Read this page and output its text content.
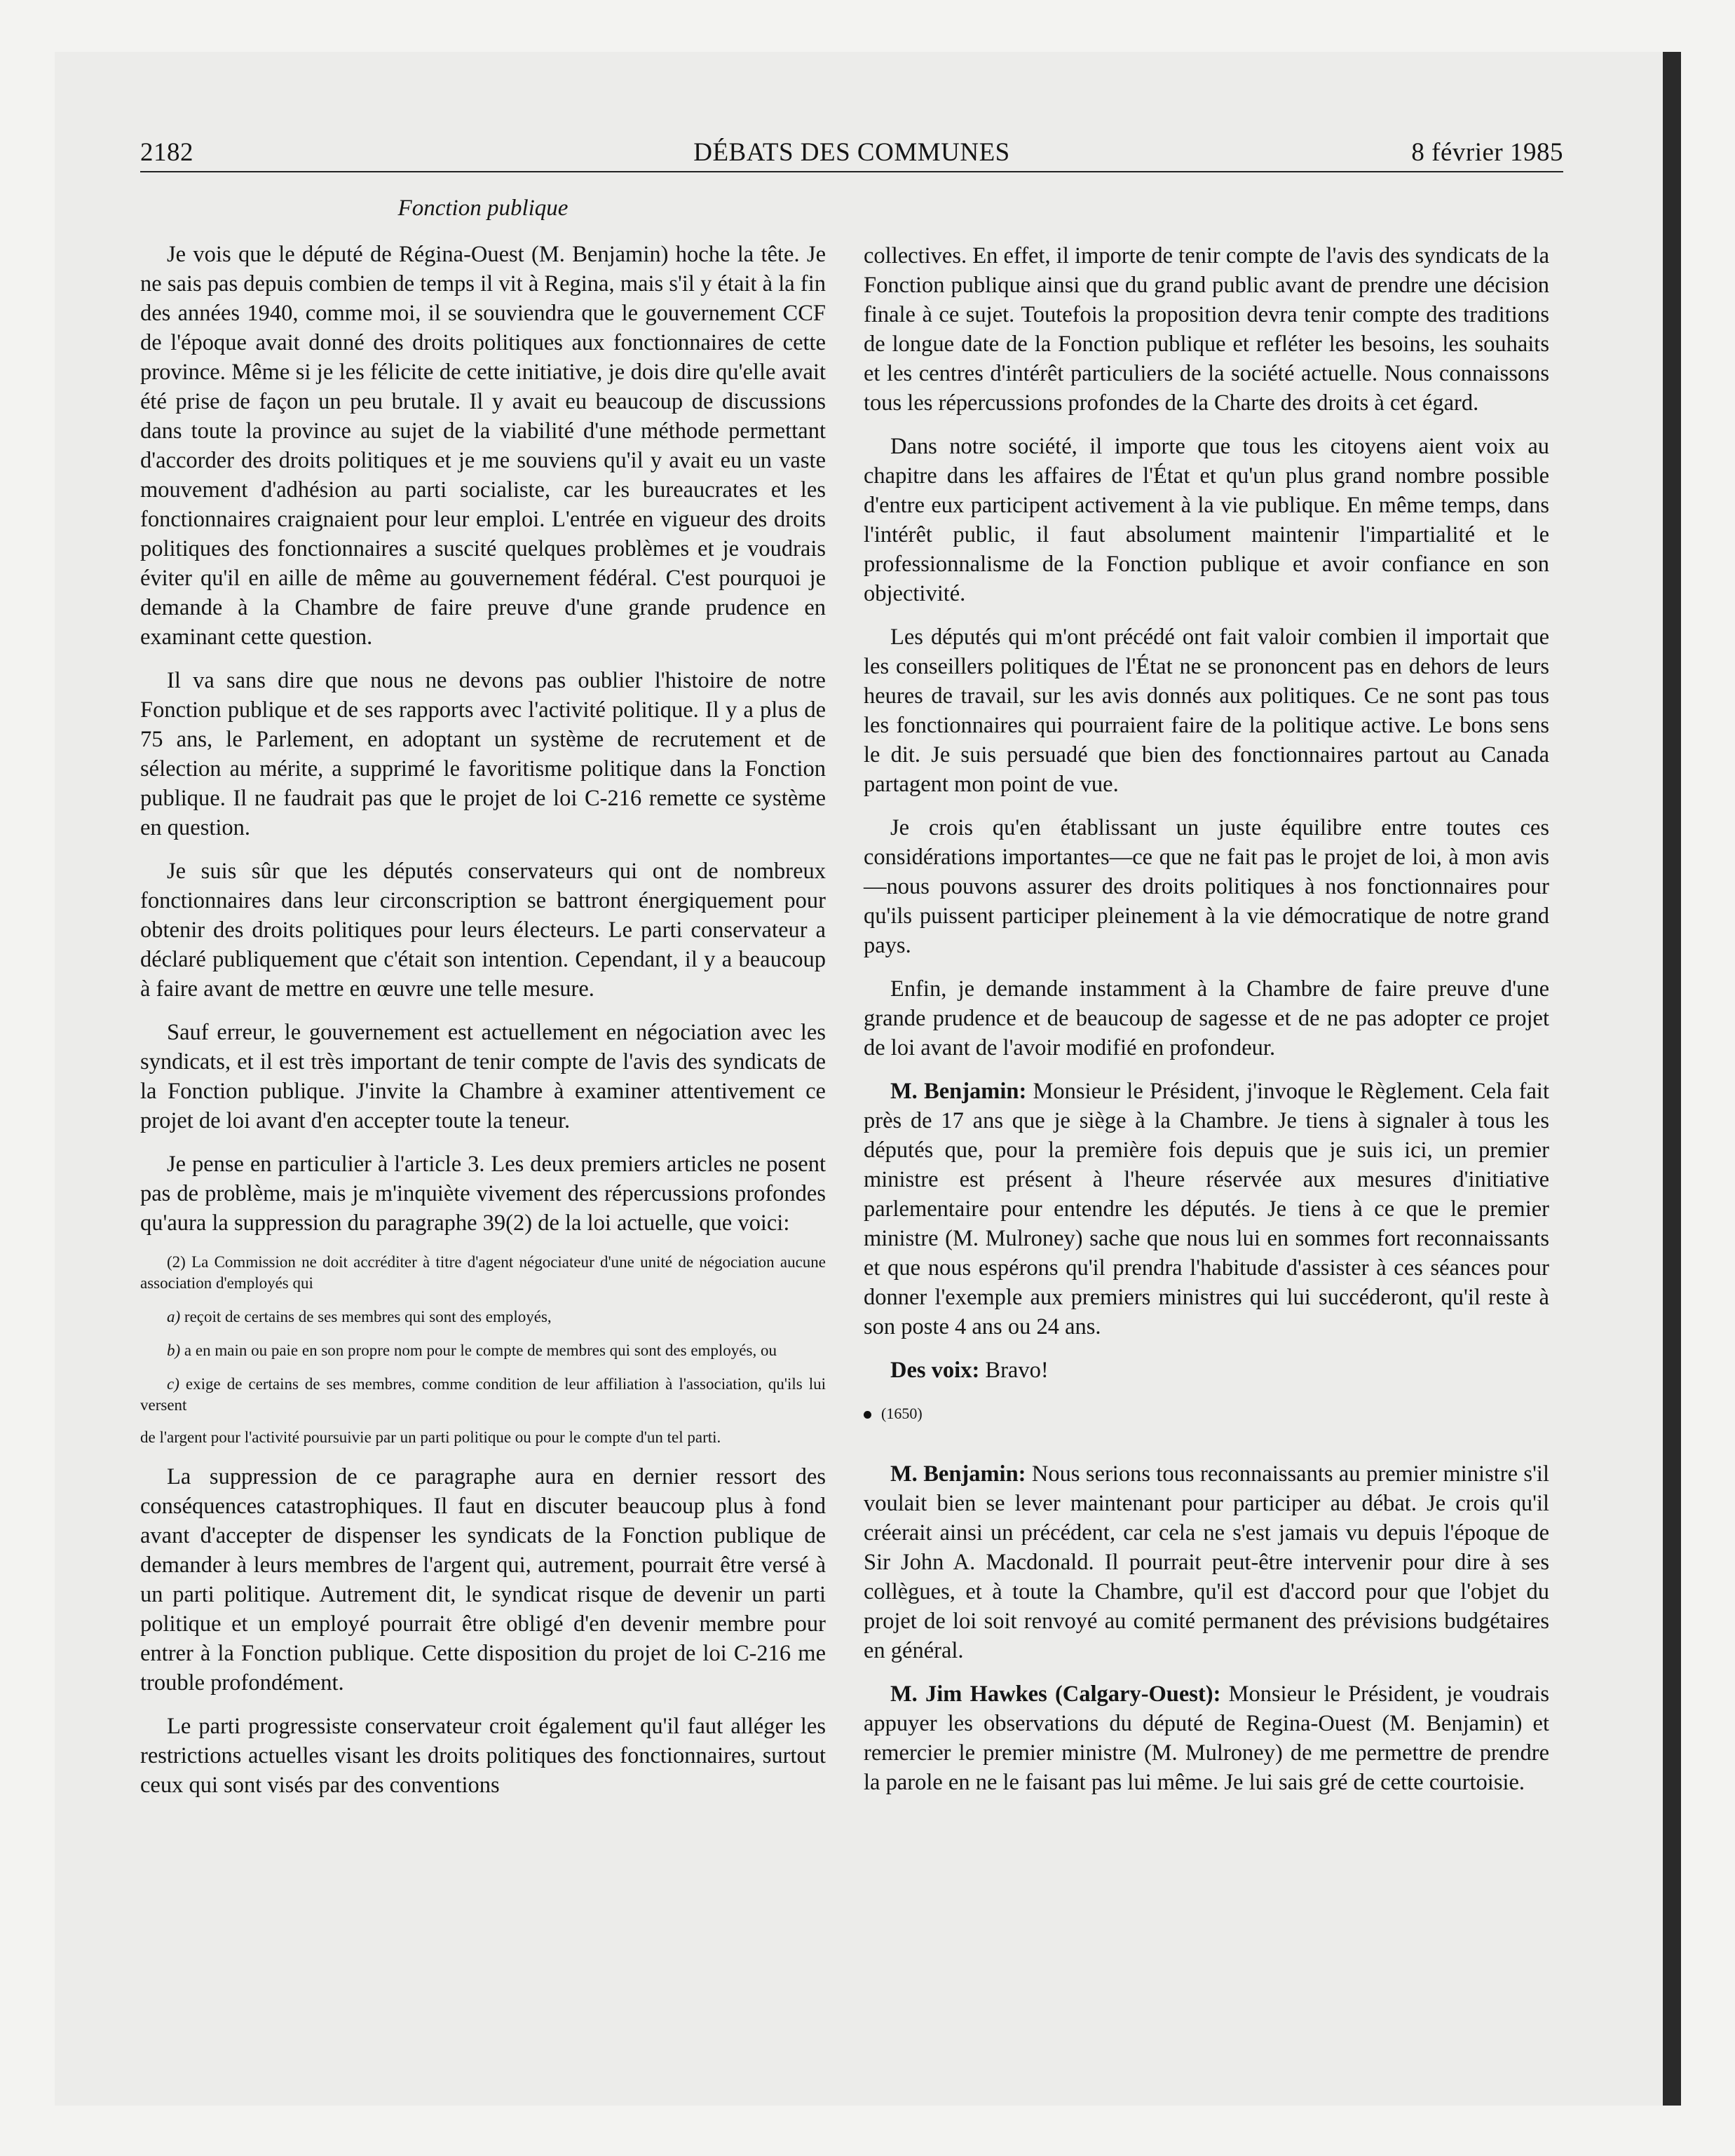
2182	DÉBATS DES COMMUNES	8 février 1985
Fonction publique

Je vois que le député de Régina-Ouest (M. Benjamin) hoche la tête. Je ne sais pas depuis combien de temps il vit à Regina, mais s'il y était à la fin des années 1940, comme moi, il se souviendra que le gouvernement CCF de l'époque avait donné des droits politiques aux fonctionnaires de cette province. Même si je les félicite de cette initiative, je dois dire qu'elle avait été prise de façon un peu brutale. Il y avait eu beaucoup de discussions dans toute la province au sujet de la viabilité d'une méthode permettant d'accorder des droits politiques et je me souviens qu'il y avait eu un vaste mouvement d'adhésion au parti socialiste, car les bureaucrates et les fonctionnaires craignaient pour leur emploi. L'entrée en vigueur des droits politiques des fonctionnaires a suscité quelques problèmes et je voudrais éviter qu'il en aille de même au gouvernement fédéral. C'est pourquoi je demande à la Chambre de faire preuve d'une grande prudence en examinant cette question.

Il va sans dire que nous ne devons pas oublier l'histoire de notre Fonction publique et de ses rapports avec l'activité politique. Il y a plus de 75 ans, le Parlement, en adoptant un système de recrutement et de sélection au mérite, a supprimé le favoritisme politique dans la Fonction publique. Il ne faudrait pas que le projet de loi C-216 remette ce système en question.

Je suis sûr que les députés conservateurs qui ont de nombreux fonctionnaires dans leur circonscription se battront énergiquement pour obtenir des droits politiques pour leurs électeurs. Le parti conservateur a déclaré publiquement que c'était son intention. Cependant, il y a beaucoup à faire avant de mettre en œuvre une telle mesure.

Sauf erreur, le gouvernement est actuellement en négociation avec les syndicats, et il est très important de tenir compte de l'avis des syndicats de la Fonction publique. J'invite la Chambre à examiner attentivement ce projet de loi avant d'en accepter toute la teneur.

Je pense en particulier à l'article 3. Les deux premiers articles ne posent pas de problème, mais je m'inquiète vivement des répercussions profondes qu'aura la suppression du paragraphe 39(2) de la loi actuelle, que voici:

(2) La Commission ne doit accréditer à titre d'agent négociateur d'une unité de négociation aucune association d'employés qui
a) reçoit de certains de ses membres qui sont des employés,
b) a en main ou paie en son propre nom pour le compte de membres qui sont des employés, ou
c) exige de certains de ses membres, comme condition de leur affiliation à l'association, qu'ils lui versent
de l'argent pour l'activité poursuivie par un parti politique ou pour le compte d'un tel parti.

La suppression de ce paragraphe aura en dernier ressort des conséquences catastrophiques. Il faut en discuter beaucoup plus à fond avant d'accepter de dispenser les syndicats de la Fonction publique de demander à leurs membres de l'argent qui, autrement, pourrait être versé à un parti politique. Autrement dit, le syndicat risque de devenir un parti politique et un employé pourrait être obligé d'en devenir membre pour entrer à la Fonction publique. Cette disposition du projet de loi C-216 me trouble profondément.

Le parti progressiste conservateur croit également qu'il faut alléger les restrictions actuelles visant les droits politiques des fonctionnaires, surtout ceux qui sont visés par des conventions

collectives. En effet, il importe de tenir compte de l'avis des syndicats de la Fonction publique ainsi que du grand public avant de prendre une décision finale à ce sujet. Toutefois la proposition devra tenir compte des traditions de longue date de la Fonction publique et refléter les besoins, les souhaits et les centres d'intérêt particuliers de la société actuelle. Nous connaissons tous les répercussions profondes de la Charte des droits à cet égard.

Dans notre société, il importe que tous les citoyens aient voix au chapitre dans les affaires de l'État et qu'un plus grand nombre possible d'entre eux participent activement à la vie publique. En même temps, dans l'intérêt public, il faut absolument maintenir l'impartialité et le professionnalisme de la Fonction publique et avoir confiance en son objectivité.

Les députés qui m'ont précédé ont fait valoir combien il importait que les conseillers politiques de l'État ne se prononcent pas en dehors de leurs heures de travail, sur les avis donnés aux politiques. Ce ne sont pas tous les fonctionnaires qui pourraient faire de la politique active. Le bons sens le dit. Je suis persuadé que bien des fonctionnaires partout au Canada partagent mon point de vue.

Je crois qu'en établissant un juste équilibre entre toutes ces considérations importantes—ce que ne fait pas le projet de loi, à mon avis—nous pouvons assurer des droits politiques à nos fonctionnaires pour qu'ils puissent participer pleinement à la vie démocratique de notre grand pays.

Enfin, je demande instamment à la Chambre de faire preuve d'une grande prudence et de beaucoup de sagesse et de ne pas adopter ce projet de loi avant de l'avoir modifié en profondeur.

M. Benjamin: Monsieur le Président, j'invoque le Règlement. Cela fait près de 17 ans que je siège à la Chambre. Je tiens à signaler à tous les députés que, pour la première fois depuis que je suis ici, un premier ministre est présent à l'heure réservée aux mesures d'initiative parlementaire pour entendre les députés. Je tiens à ce que le premier ministre (M. Mulroney) sache que nous lui en sommes fort reconnaissants et que nous espérons qu'il prendra l'habitude d'assister à ces séances pour donner l'exemple aux premiers ministres qui lui succéderont, qu'il reste à son poste 4 ans ou 24 ans.

Des voix: Bravo!

(1650)

M. Benjamin: Nous serions tous reconnaissants au premier ministre s'il voulait bien se lever maintenant pour participer au débat. Je crois qu'il créerait ainsi un précédent, car cela ne s'est jamais vu depuis l'époque de Sir John A. Macdonald. Il pourrait peut-être intervenir pour dire à ses collègues, et à toute la Chambre, qu'il est d'accord pour que l'objet du projet de loi soit renvoyé au comité permanent des prévisions budgétaires en général.

M. Jim Hawkes (Calgary-Ouest): Monsieur le Président, je voudrais appuyer les observations du député de Regina-Ouest (M. Benjamin) et remercier le premier ministre (M. Mulroney) de me permettre de prendre la parole en ne le faisant pas lui même. Je lui sais gré de cette courtoisie.
